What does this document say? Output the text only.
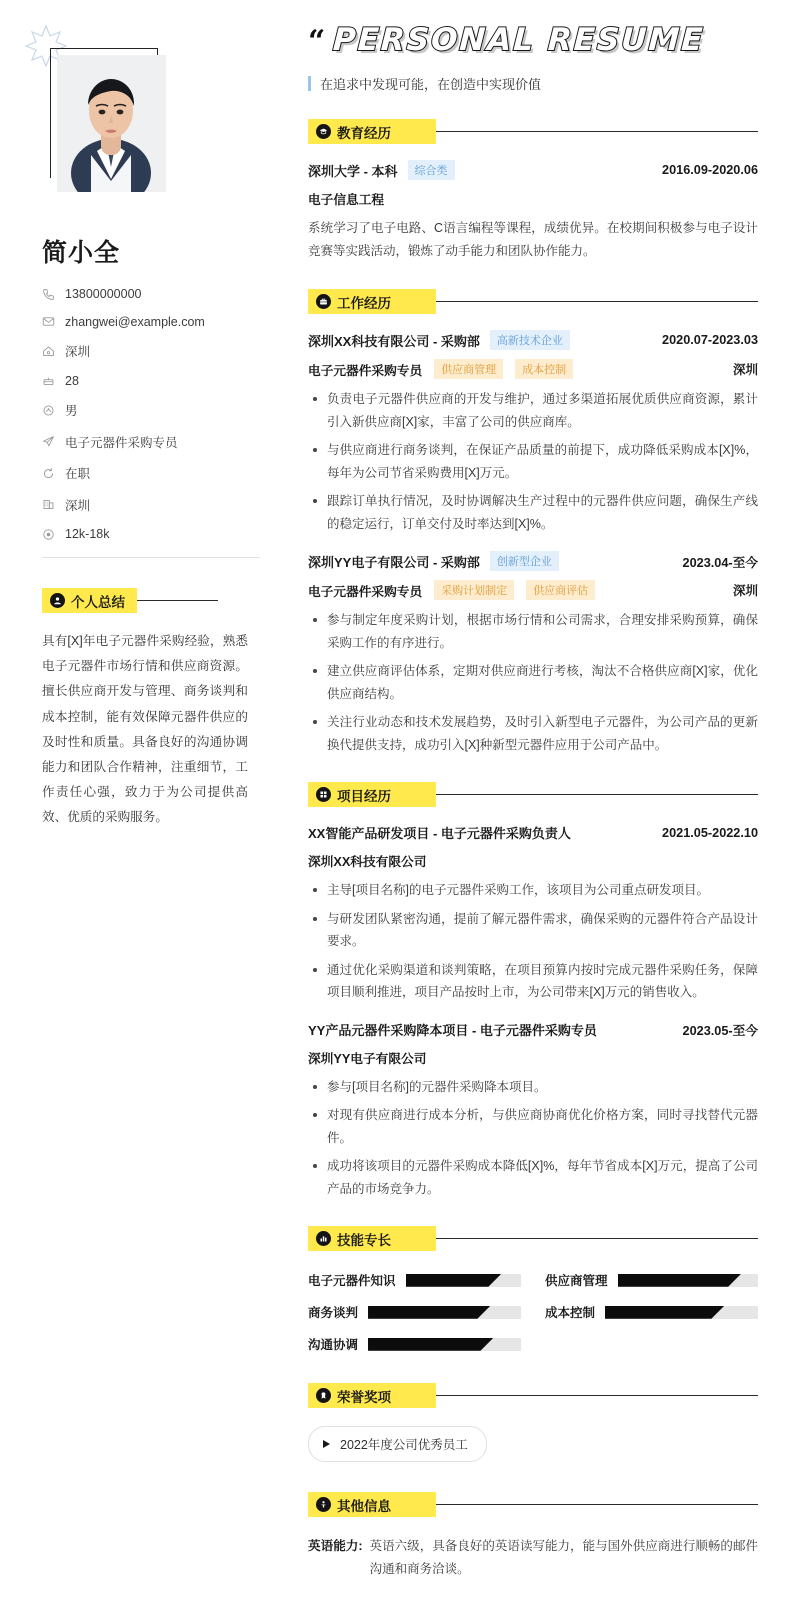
简小全
13800000000
zhangwei@example.com
深圳
28
男
电子元器件采购专员
在职
深圳
12k-18k
个人总结

具有[X]年电子元器件采购经验，熟悉电子元器件市场行情和供应商资源。擅长供应商开发与管理、商务谈判和成本控制，能有效保障元器件供应的及时性和质量。具备良好的沟通协调能力和团队合作精神，注重细节，工作责任心强，致力于为公司提供高效、优质的采购服务。

“ PERSONAL RESUME
在追求中发现可能，在创造中实现价值
教育经历
深圳大学 - 本科	综合类	2016.09-2020.06
电子信息工程

系统学习了电子电路、C语言编程等课程，成绩优异。在校期间积极参与电子设计竞赛等实践活动，锻炼了动手能力和团队协作能力。

工作经历
深圳XX科技有限公司 - 采购部	高新技术企业	2020.07-2023.03
电子元器件采购专员	供应商管理	成本控制	深圳
负责电子元器件供应商的开发与维护，通过多渠道拓展优质供应商资源，累计引入新供应商[X]家，丰富了公司的供应商库。
与供应商进行商务谈判，在保证产品质量的前提下，成功降低采购成本[X]%，每年为公司节省采购费用[X]万元。
跟踪订单执行情况，及时协调解决生产过程中的元器件供应问题，确保生产线的稳定运行，订单交付及时率达到[X]%。
深圳YY电子有限公司 - 采购部	创新型企业	2023.04-至今
电子元器件采购专员	采购计划制定	供应商评估	深圳
参与制定年度采购计划，根据市场行情和公司需求，合理安排采购预算，确保采购工作的有序进行。
建立供应商评估体系，定期对供应商进行考核，淘汰不合格供应商[X]家，优化供应商结构。
关注行业动态和技术发展趋势，及时引入新型电子元器件，为公司产品的更新换代提供支持，成功引入[X]种新型元器件应用于公司产品中。
项目经历
XX智能产品研发项目 - 电子元器件采购负责人	2021.05-2022.10
深圳XX科技有限公司
主导[项目名称]的电子元器件采购工作，该项目为公司重点研发项目。
与研发团队紧密沟通，提前了解元器件需求，确保采购的元器件符合产品设计要求。
通过优化采购渠道和谈判策略，在项目预算内按时完成元器件采购任务，保障项目顺利推进，项目产品按时上市，为公司带来[X]万元的销售收入。
YY产品元器件采购降本项目 - 电子元器件采购专员	2023.05-至今
深圳YY电子有限公司
参与[项目名称]的元器件采购降本项目。
对现有供应商进行成本分析，与供应商协商优化价格方案，同时寻找替代元器件。
成功将该项目的元器件采购成本降低[X]%，每年节省成本[X]万元，提高了公司产品的市场竞争力。
技能专长
电子元器件知识	供应商管理
商务谈判	成本控制
沟通协调
荣誉奖项
2022年度公司优秀员工
其他信息
英语能力: 英语六级，具备良好的英语读写能力，能与国外供应商进行顺畅的邮件沟通和商务洽谈。
